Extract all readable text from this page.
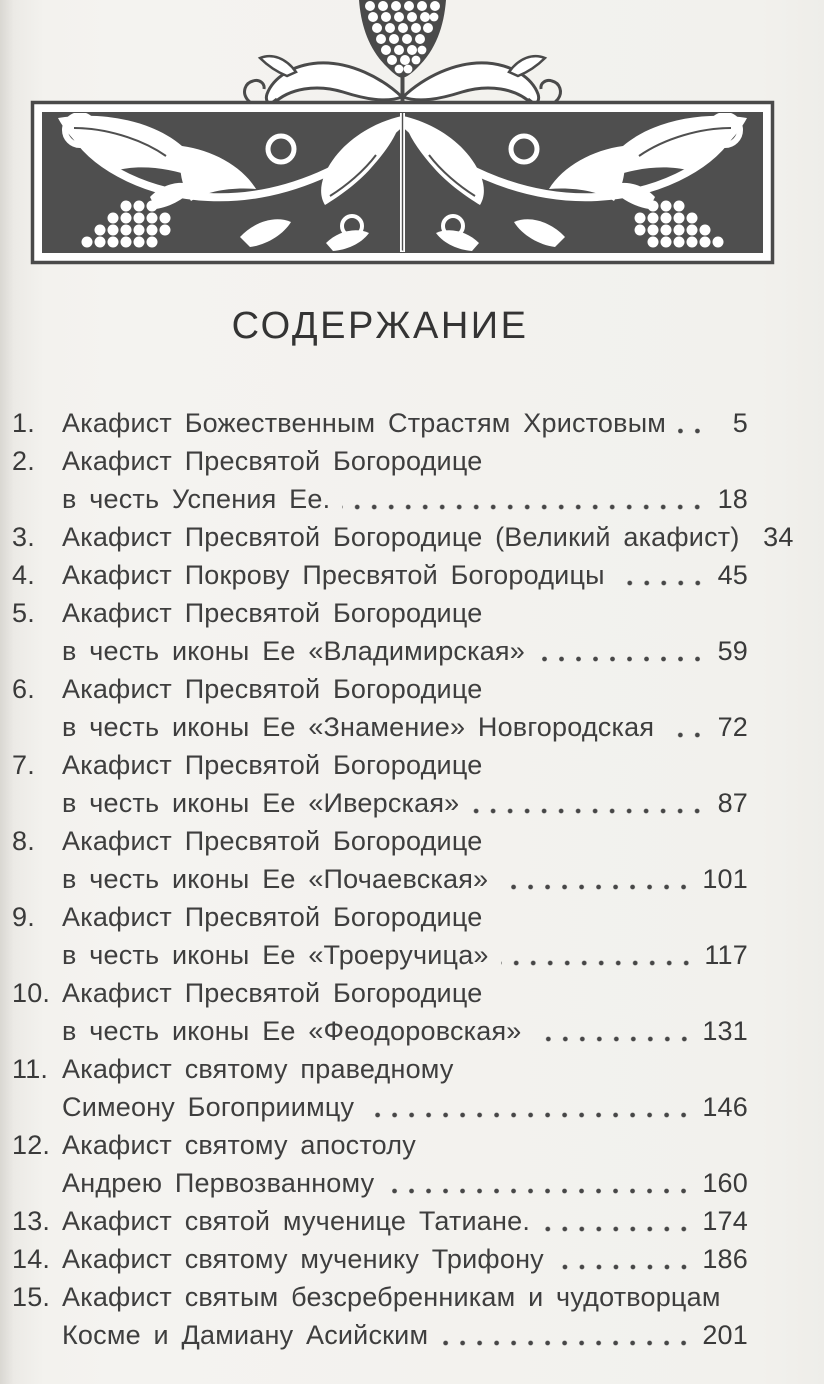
СОДЕРЖАНИЕ
1.	Акафист Божественным Страстям Христовым	5
2.	Акафист Пресвятой Богородице
в честь Успения Ее.	18
3.	Акафист Пресвятой Богородице (Великий акафист) 34
4.	Акафист Покрову Пресвятой Богородицы	45
5.	Акафист Пресвятой Богородице
в честь иконы Ее «Владимирская»	59
6.	Акафист Пресвятой Богородице
в честь иконы Ее «Знамение» Новгородская 72
7.	Акафист Пресвятой Богородице
в честь иконы Ее «Иверская»	87
8.	Акафист Пресвятой Богородице
в честь иконы Ее «Почаевская»	101
9.	Акафист Пресвятой Богородице
в честь иконы Ее «Троеручица»	117
10. Акафист Пресвятой Богородице
в честь иконы Ее «Феодоровская»	131
11. Акафист святому праведному
Симеону Богоприимцу	146
12. Акафист святому апостолу
Андрею Первозванному	160
13. Акафист святой мученице Татиане.	174
14. Акафист святому мученику Трифону	186
15. Акафист святым безсребренникам и чудотворцам
Косме и Дамиану Асийским	201
